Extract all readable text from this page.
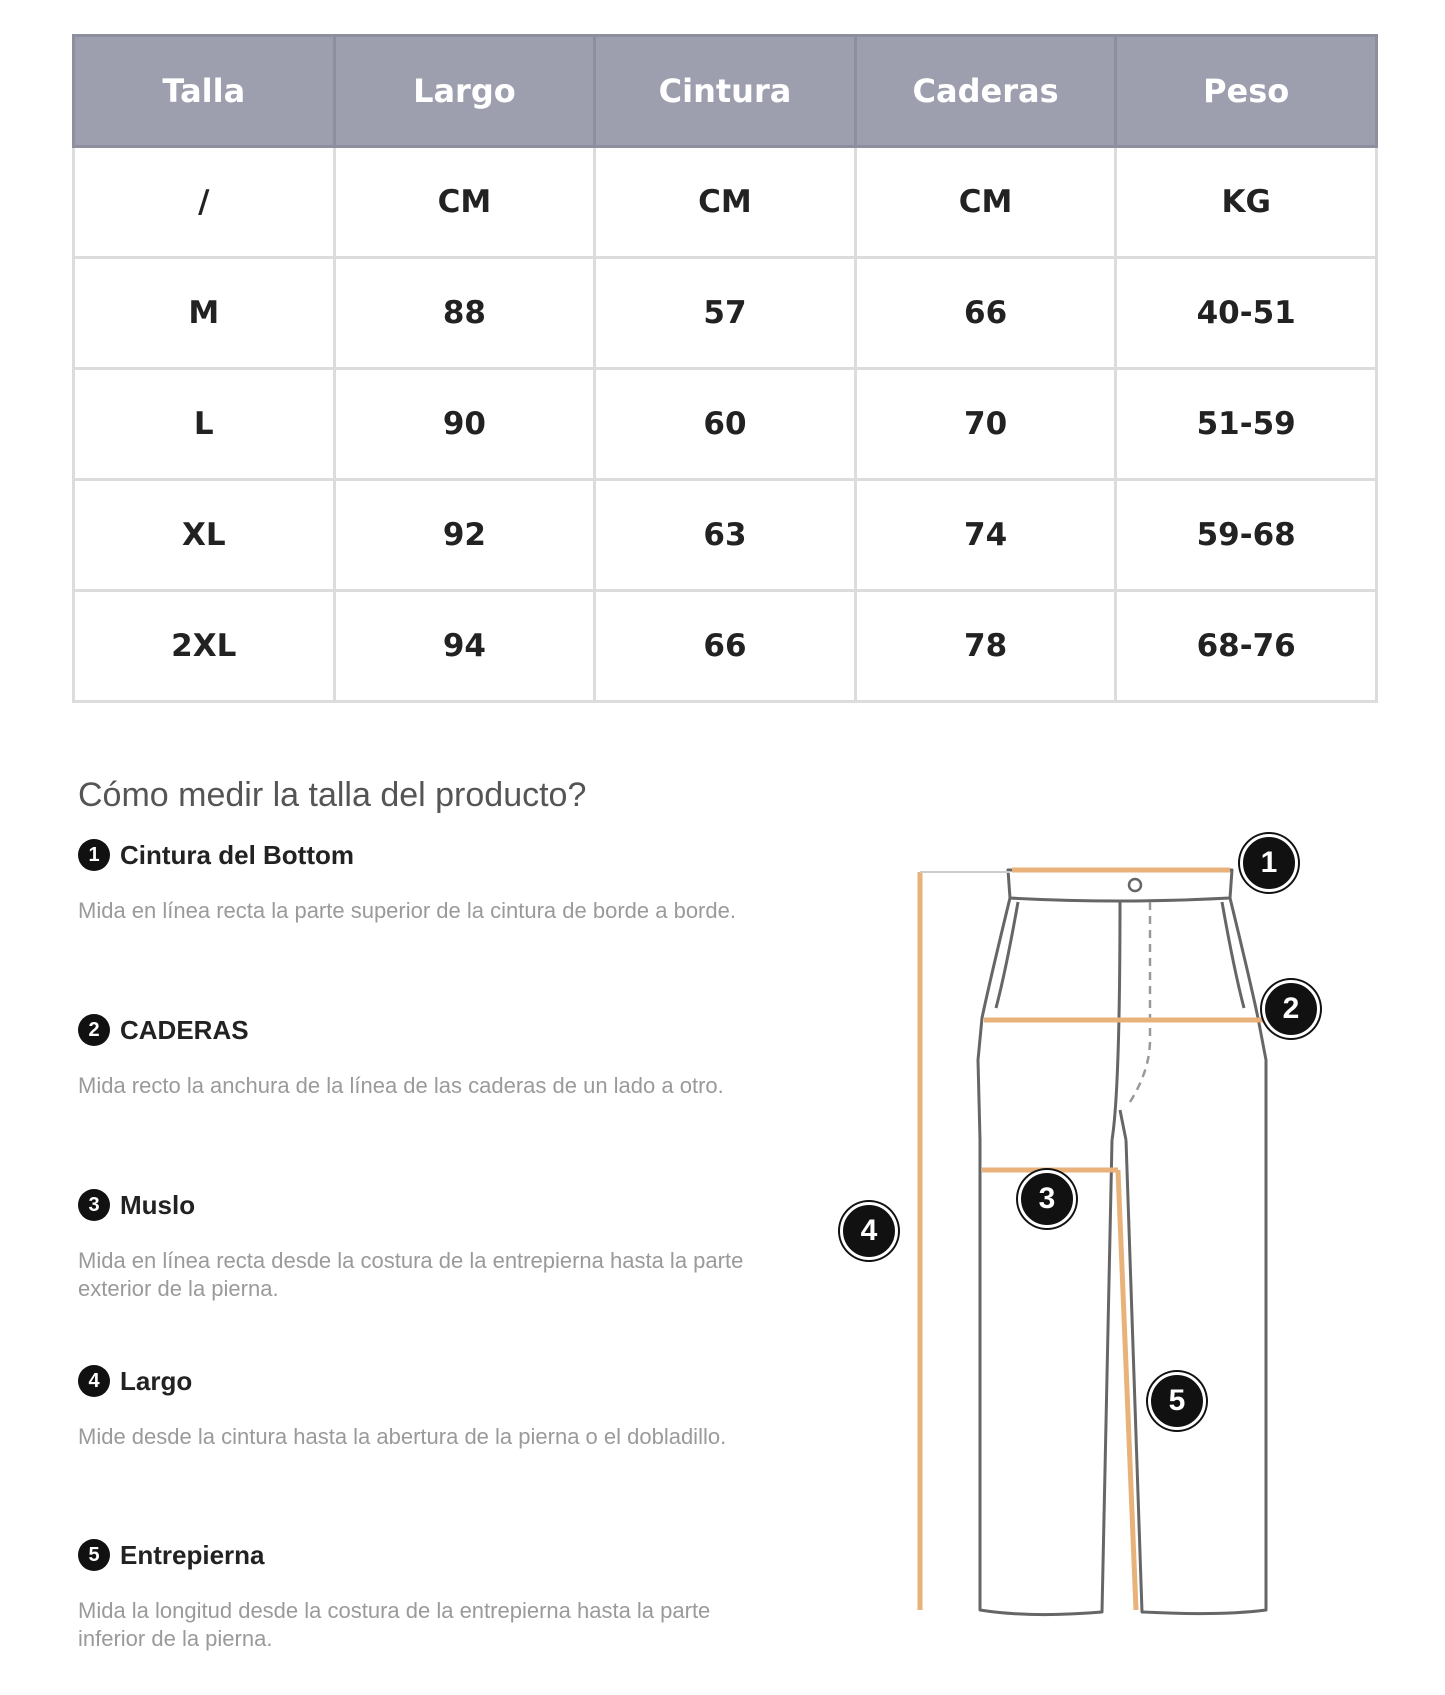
Talla	Largo	Cintura	Caderas	Peso
/	CM	CM	CM	KG
M	88	57	66	40-51
L	90	60	70	51-59
XL	92	63	74	59-68
2XL	94	66	78	68-76
Cómo medir la talla del producto?
1 Cintura del Bottom
Mida en línea recta la parte superior de la cintura de borde a borde.
2 CADERAS
Mida recto la anchura de la línea de las caderas de un lado a otro.
3 Muslo
Mida en línea recta desde la costura de la entrepierna hasta la parte exterior de la pierna.
4 Largo
Mide desde la cintura hasta la abertura de la pierna o el dobladillo.
5 Entrepierna
Mida la longitud desde la costura de la entrepierna hasta la parte inferior de la pierna.
1
2
3
4
5
